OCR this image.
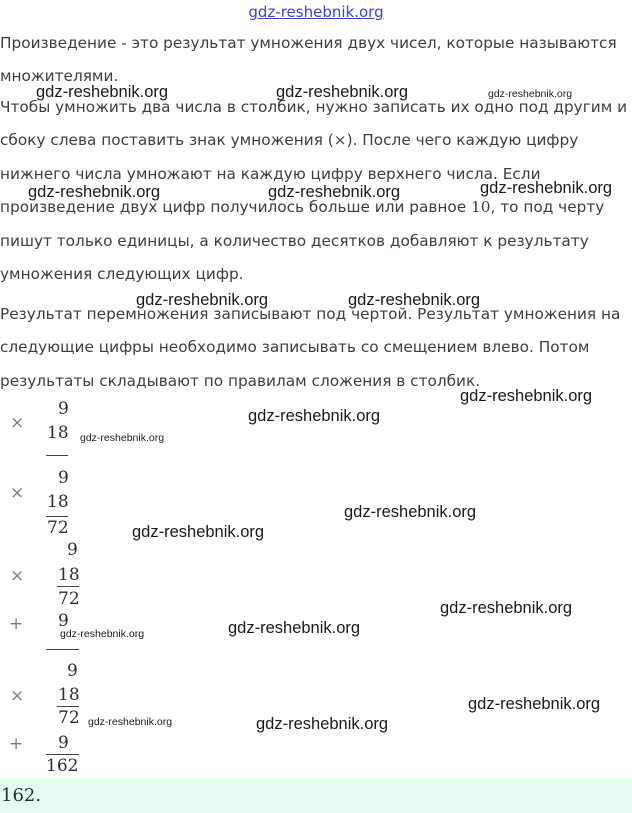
gdz-reshebnik.org

Произведение - это результат умножения двух чисел, которые называются
множителями.

Чтобы умножить два числа в столбик, нужно записать их одно под другим и
сбоку слева поставить знак умножения (×). После чего каждую цифру
нижнего числа умножают на каждую цифру верхнего числа. Если
произведение двух цифр получилось больше или равное 10, то под черту
пишут только единицы, а количество десятков добавляют к результату
умножения следующих цифр.

Результат перемножения записывают под чертой. Результат умножения на
следующие цифры необходимо записывать со смещением влево. Потом
результаты складывают по правилам сложения в столбик.

9
× 18
9
× 18
72
9
× 18
72
+ 9
9
× 18
72
+ 9
162
162.
gdz-reshebnik.org	gdz-reshebnik.org	gdz-reshebnik.org
gdz-reshebnik.org	gdz-reshebnik.org	gdz-reshebnik.org
gdz-reshebnik.org	gdz-reshebnik.org
gdz-reshebnik.org
gdz-reshebnik.org
gdz-reshebnik.org
gdz-reshebnik.org
gdz-reshebnik.org
gdz-reshebnik.org
gdz-reshebnik.org
gdz-reshebnik.org
gdz-reshebnik.org
gdz-reshebnik.org
gdz-reshebnik.org
